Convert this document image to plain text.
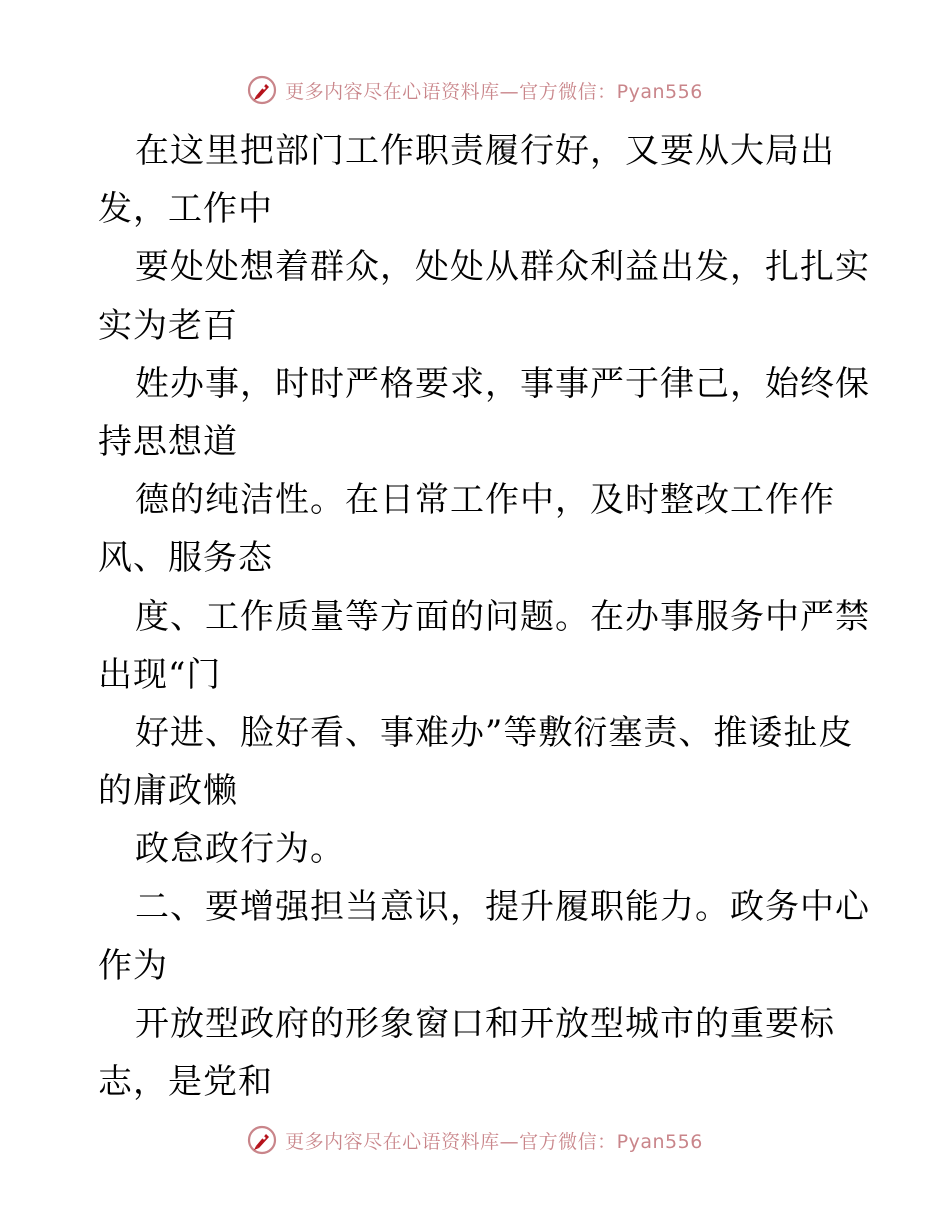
更多内容尽在心语资料库—官方微信：Pyan556
在这里把部门工作职责履行好，又要从大局出
发，工作中
要处处想着群众，处处从群众利益出发，扎扎实
实为老百
姓办事，时时严格要求，事事严于律己，始终保
持思想道
德的纯洁性。在日常工作中，及时整改工作作
风、服务态
度、工作质量等方面的问题。在办事服务中严禁
出现“门
好进、脸好看、事难办”等敷衍塞责、推诿扯皮
的庸政懒
政怠政行为。
二、要增强担当意识，提升履职能力。政务中心
作为
开放型政府的形象窗口和开放型城市的重要标
志，是党和
更多内容尽在心语资料库—官方微信：Pyan556
